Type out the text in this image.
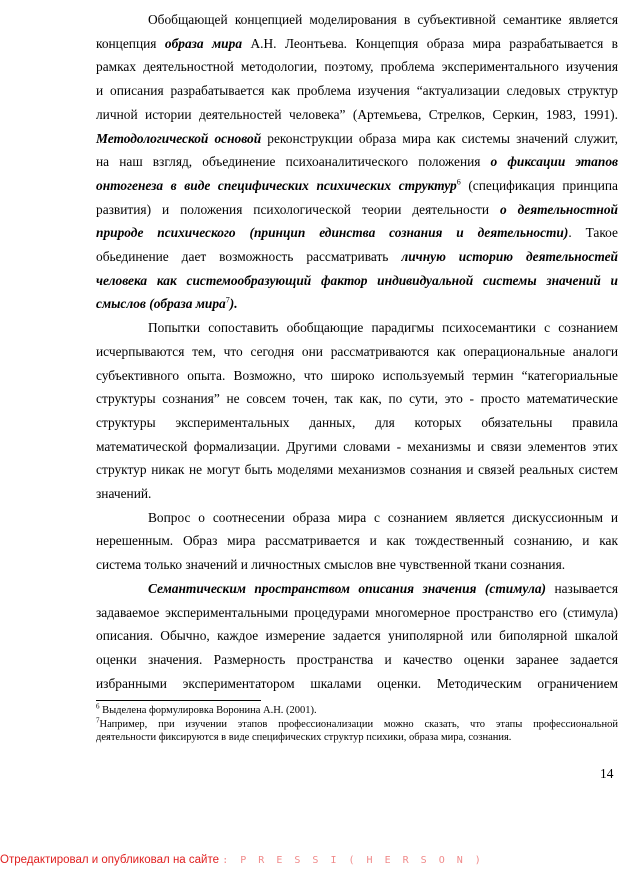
Обобщающей концепцией моделирования в субъективной семантике является
концепция образа мира А.Н. Леонтьева. Концепция образа мира разрабатывается в
рамках деятельностной методологии, поэтому, проблема экспериментального изучения
и описания разрабатывается как проблема изучения “актуализации следовых структур
личной истории деятельностей человека” (Артемьева, Стрелков, Серкин, 1983, 1991).
Методологической основой реконструкции образа мира как системы значений служит,
на наш взгляд, объединение психоаналитического положения о фиксации этапов
онтогенеза в виде специфических психических структур$^6$ (спецификация принципа
развития) и положения психологической теории деятельности о деятельностной
природе психического (принцип единства сознания и деятельности). Такое
обьединение дает возможность рассматривать личную историю деятельностей
человека как системообразующий фактор индивидуальной системы значений и
смыслов (образа мира$^7$).
Попытки сопоставить обобщающие парадигмы психосемантики с сознанием
исчерпываются тем, что сегодня они рассматриваются как операциональные аналоги
субъективного опыта. Возможно, что широко используемый термин “категориальные
структуры сознания” не совсем точен, так как, по сути, это - просто математические
структуры экспериментальных данных, для которых обязательны правила
математической формализации. Другими словами - механизмы и связи элементов этих
структур никак не могут быть моделями механизмов сознания и связей реальных систем
значений.
Вопрос о соотнесении образа мира с сознанием является дискуссионным и
нерешенным. Образ мира рассматривается и как тождественный сознанию, и как
система только значений и личностных смыслов вне чувственной ткани сознания.
Семантическим пространством описания значения (стимула) называется
задаваемое экспериментальными процедурами многомерное пространство его (стимула)
описания. Обычно, каждое измерение задается униполярной или биполярной шкалой
оценки значения. Размерность пространства и качество оценки заранее задается
избранными экспериментатором шкалами оценки. Методическим ограничением
$^6$ Выделена формулировка Воронина А.Н. (2001).
$^7$Например, при изучении этапов профессионализации можно сказать, что этапы профессиональной
деятельности фиксируются в виде специфических структур психики, образа мира, сознания.
14
Отредактировал и опубликовал на сайте : P R E S S I ( H E R S O N )
